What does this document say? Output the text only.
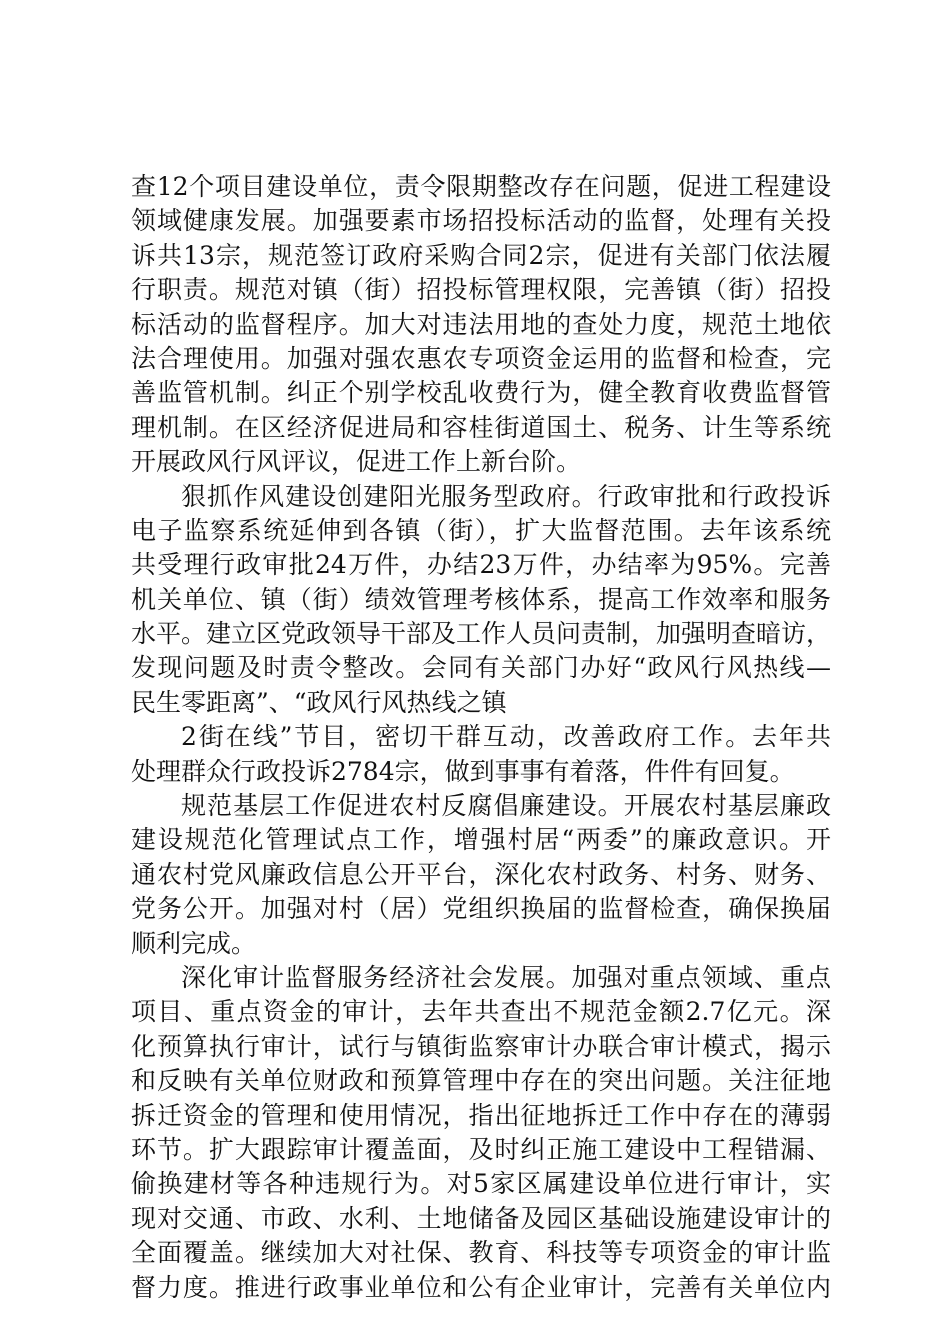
查12个项目建设单位，责令限期整改存在问题，促进工程建设
领域健康发展。加强要素市场招投标活动的监督，处理有关投
诉共13宗，规范签订政府采购合同2宗，促进有关部门依法履
行职责。规范对镇（街）招投标管理权限，完善镇（街）招投
标活动的监督程序。加大对违法用地的查处力度，规范土地依
法合理使用。加强对强农惠农专项资金运用的监督和检查，完
善监管机制。纠正个别学校乱收费行为，健全教育收费监督管
理机制。在区经济促进局和容桂街道国土、税务、计生等系统
开展政风行风评议，促进工作上新台阶。
狠抓作风建设创建阳光服务型政府。行政审批和行政投诉
电子监察系统延伸到各镇（街），扩大监督范围。去年该系统
共受理行政审批24万件，办结23万件，办结率为95%。完善
机关单位、镇（街）绩效管理考核体系，提高工作效率和服务
水平。建立区党政领导干部及工作人员问责制，加强明查暗访，
发现问题及时责令整改。会同有关部门办好“政风行风热线—
民生零距离”、“政风行风热线之镇
2街在线”节目，密切干群互动，改善政府工作。去年共
处理群众行政投诉2784宗，做到事事有着落，件件有回复。
规范基层工作促进农村反腐倡廉建设。开展农村基层廉政
建设规范化管理试点工作，增强村居“两委”的廉政意识。开
通农村党风廉政信息公开平台，深化农村政务、村务、财务、
党务公开。加强对村（居）党组织换届的监督检查，确保换届
顺利完成。
深化审计监督服务经济社会发展。加强对重点领域、重点
项目、重点资金的审计，去年共查出不规范金额2.7亿元。深
化预算执行审计，试行与镇街监察审计办联合审计模式，揭示
和反映有关单位财政和预算管理中存在的突出问题。关注征地
拆迁资金的管理和使用情况，指出征地拆迁工作中存在的薄弱
环节。扩大跟踪审计覆盖面，及时纠正施工建设中工程错漏、
偷换建材等各种违规行为。对5家区属建设单位进行审计，实
现对交通、市政、水利、土地储备及园区基础设施建设审计的
全面覆盖。继续加大对社保、教育、科技等专项资金的审计监
督力度。推进行政事业单位和公有企业审计，完善有关单位内
